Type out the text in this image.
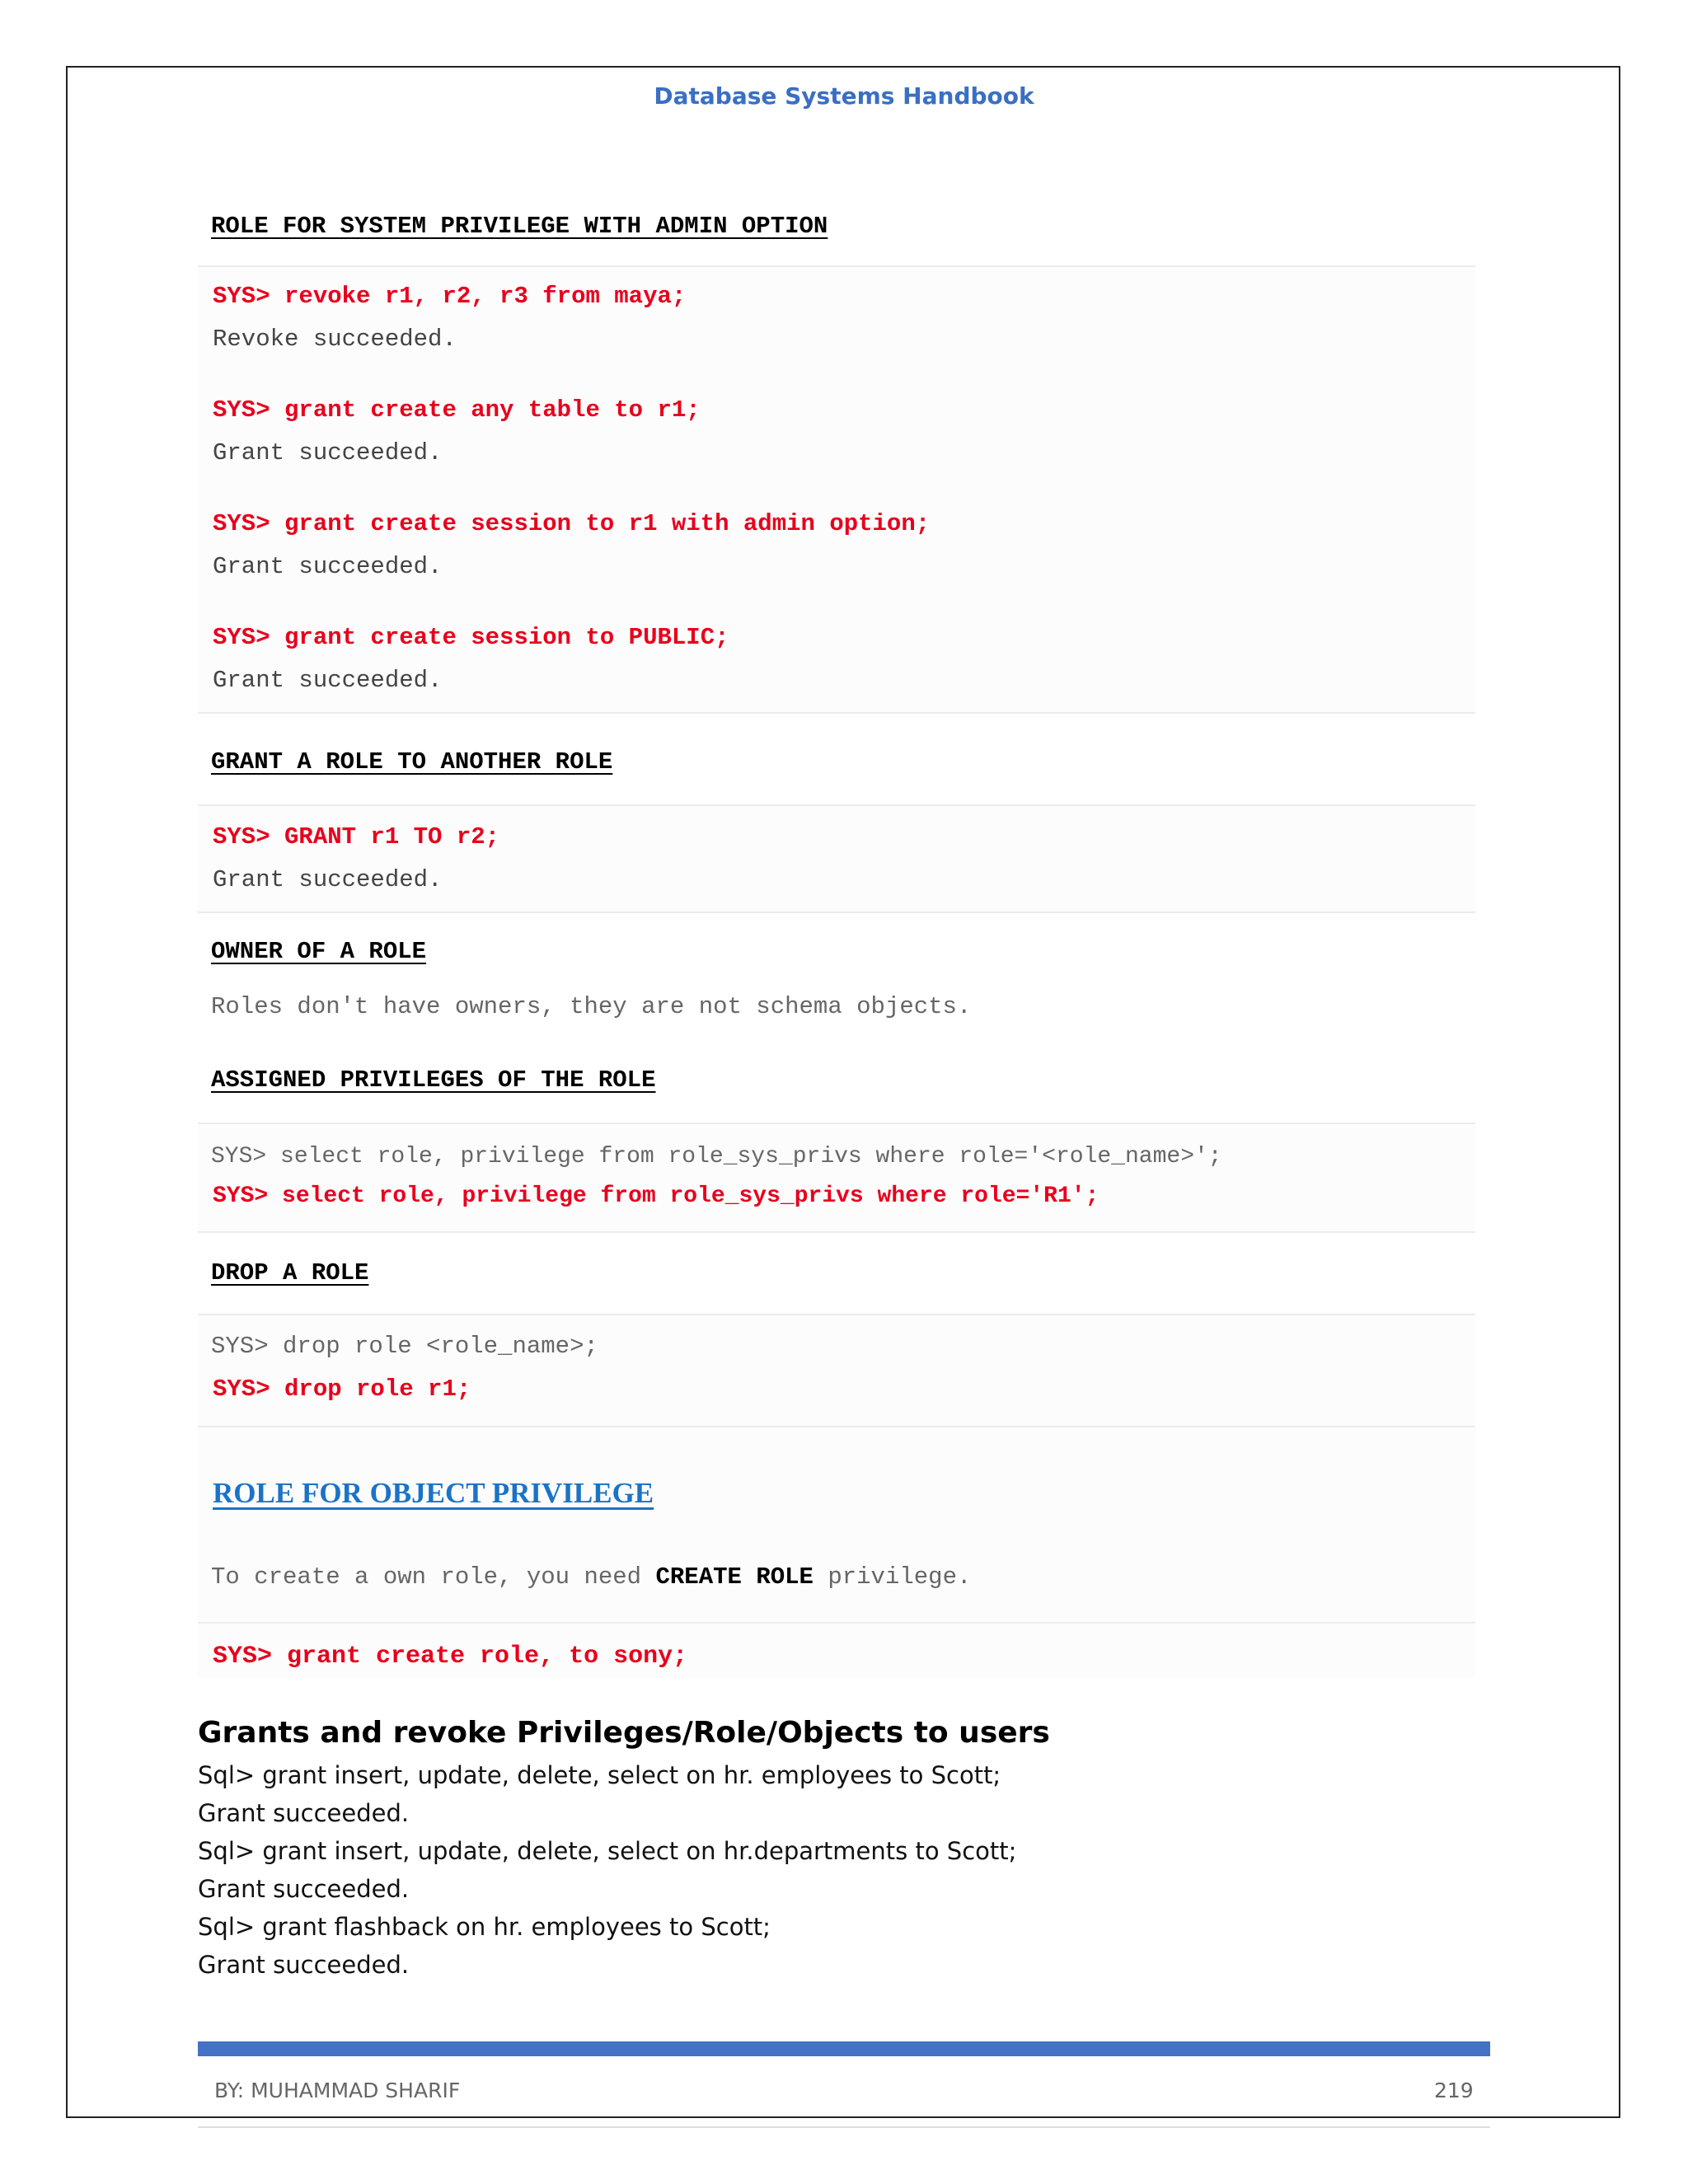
Database Systems Handbook
ROLE FOR SYSTEM PRIVILEGE WITH ADMIN OPTION
SYS> revoke r1, r2, r3 from maya;
Revoke succeeded.
SYS> grant create any table to r1;
Grant succeeded.
SYS> grant create session to r1 with admin option;
Grant succeeded.
SYS> grant create session to PUBLIC;
Grant succeeded.
GRANT A ROLE TO ANOTHER ROLE
SYS> GRANT r1 TO r2;
Grant succeeded.
OWNER OF A ROLE
Roles don't have owners, they are not schema objects.
ASSIGNED PRIVILEGES OF THE ROLE
SYS> select role, privilege from role_sys_privs where role='<role_name>';
SYS> select role, privilege from role_sys_privs where role='R1';
DROP A ROLE
SYS> drop role <role_name>;
SYS> drop role r1;
ROLE FOR OBJECT PRIVILEGE
To create a own role, you need CREATE ROLE privilege.
SYS> grant create role, to sony;
Grants and revoke Privileges/Role/Objects to users
Sql> grant insert, update, delete, select on hr. employees to Scott;
Grant succeeded.
Sql> grant insert, update, delete, select on hr.departments to Scott;
Grant succeeded.
Sql> grant flashback on hr. employees to Scott;
Grant succeeded.
BY: MUHAMMAD SHARIF	219
